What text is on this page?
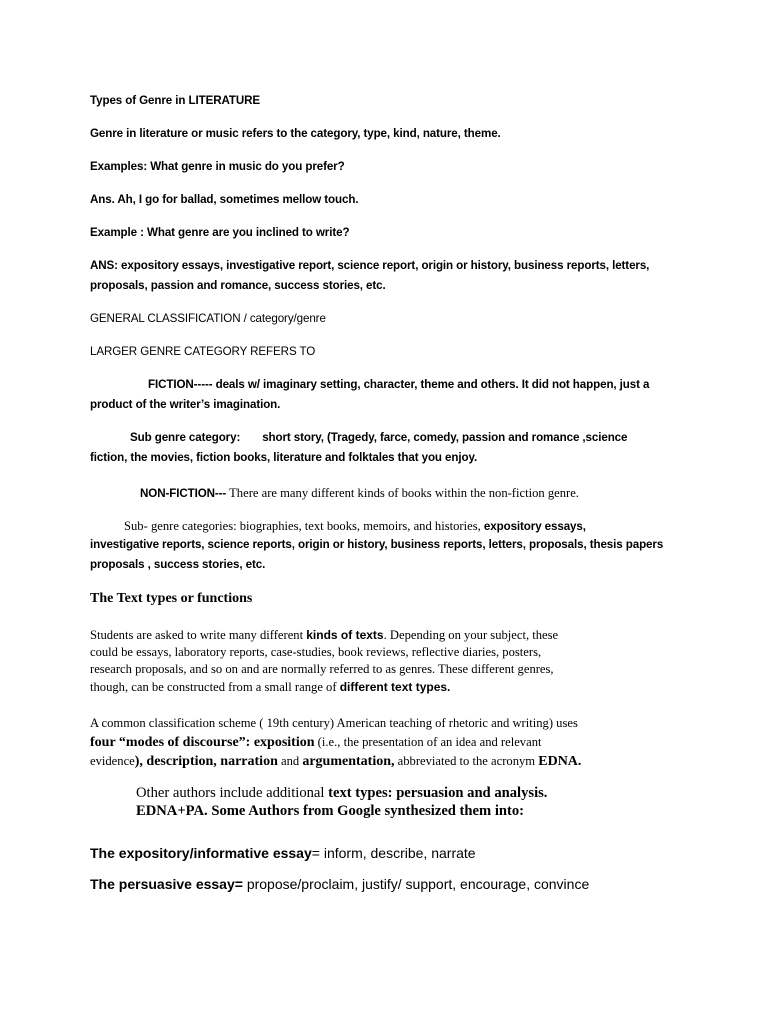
Types of Genre in LITERATURE

Genre in literature or music refers to the category, type, kind, nature, theme.

Examples: What genre in music do you prefer?

Ans. Ah, I go for ballad, sometimes mellow touch.

Example : What genre are you inclined to write?

ANS: expository essays, investigative report, science report, origin or history, business reports, letters,

proposals, passion and romance, success stories, etc.

GENERAL CLASSIFICATION / category/genre

LARGER GENRE CATEGORY REFERS TO

FICTION----- deals w/ imaginary setting, character, theme and others. It did not happen, just a

product of the writer’s imagination.

Sub genre category: short story, (Tragedy, farce, comedy, passion and romance ,science

fiction, the movies, fiction books, literature and folktales that you enjoy.

NON-FICTION--- There are many different kinds of books within the non-fiction genre.

Sub- genre categories: biographies, text books, memoirs, and histories, expository essays,

investigative reports, science reports, origin or history, business reports, letters, proposals, thesis papers

proposals , success stories, etc.

The Text types or functions

Students are asked to write many different kinds of texts. Depending on your subject, these

could be essays, laboratory reports, case-studies, book reviews, reflective diaries, posters,

research proposals, and so on and are normally referred to as genres. These different genres,

though, can be constructed from a small range of different text types.

A common classification scheme ( 19th century) American teaching of rhetoric and writing) uses

four “modes of discourse”: exposition (i.e., the presentation of an idea and relevant

evidence), description, narration and argumentation, abbreviated to the acronym EDNA.

Other authors include additional text types: persuasion and analysis.

EDNA+PA. Some Authors from Google synthesized them into:

The expository/informative essay= inform, describe, narrate

The persuasive essay= propose/proclaim, justify/ support, encourage, convince
